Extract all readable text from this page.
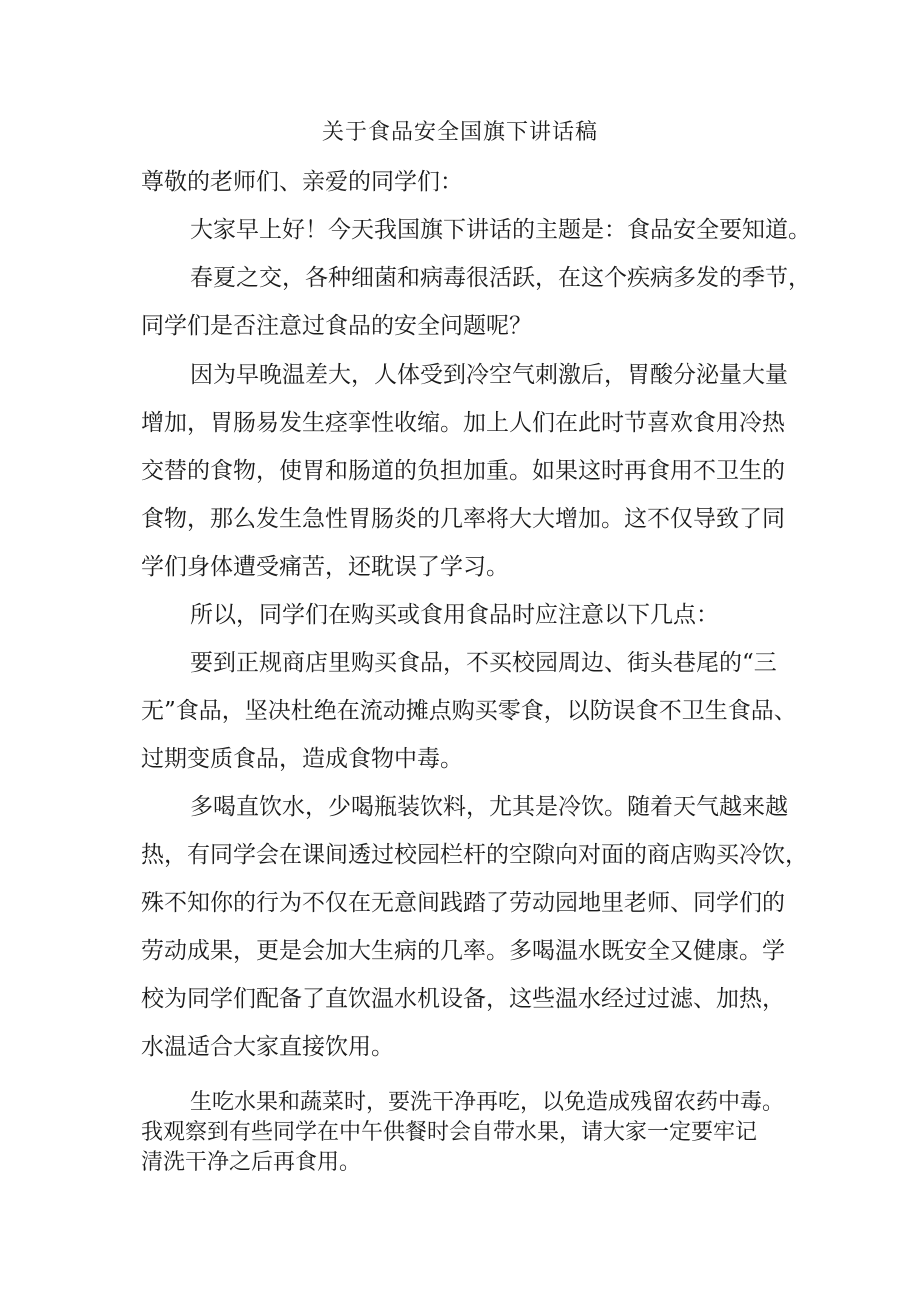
关于食品安全国旗下讲话稿
尊敬的老师们、亲爱的同学们：
大家早上好！今天我国旗下讲话的主题是：食品安全要知道。
春夏之交，各种细菌和病毒很活跃，在这个疾病多发的季节，
同学们是否注意过食品的安全问题呢？
因为早晚温差大，人体受到冷空气刺激后，胃酸分泌量大量
增加，胃肠易发生痉挛性收缩。加上人们在此时节喜欢食用冷热
交替的食物，使胃和肠道的负担加重。如果这时再食用不卫生的
食物，那么发生急性胃肠炎的几率将大大增加。这不仅导致了同
学们身体遭受痛苦，还耽误了学习。
所以，同学们在购买或食用食品时应注意以下几点：
要到正规商店里购买食品，不买校园周边、街头巷尾的“三
无”食品，坚决杜绝在流动摊点购买零食，以防误食不卫生食品、
过期变质食品，造成食物中毒。
多喝直饮水，少喝瓶装饮料，尤其是冷饮。随着天气越来越
热，有同学会在课间透过校园栏杆的空隙向对面的商店购买冷饮，
殊不知你的行为不仅在无意间践踏了劳动园地里老师、同学们的
劳动成果，更是会加大生病的几率。多喝温水既安全又健康。学
校为同学们配备了直饮温水机设备，这些温水经过过滤、加热，
水温适合大家直接饮用。
生吃水果和蔬菜时，要洗干净再吃，以免造成残留农药中毒。
我观察到有些同学在中午供餐时会自带水果，请大家一定要牢记
清洗干净之后再食用。
